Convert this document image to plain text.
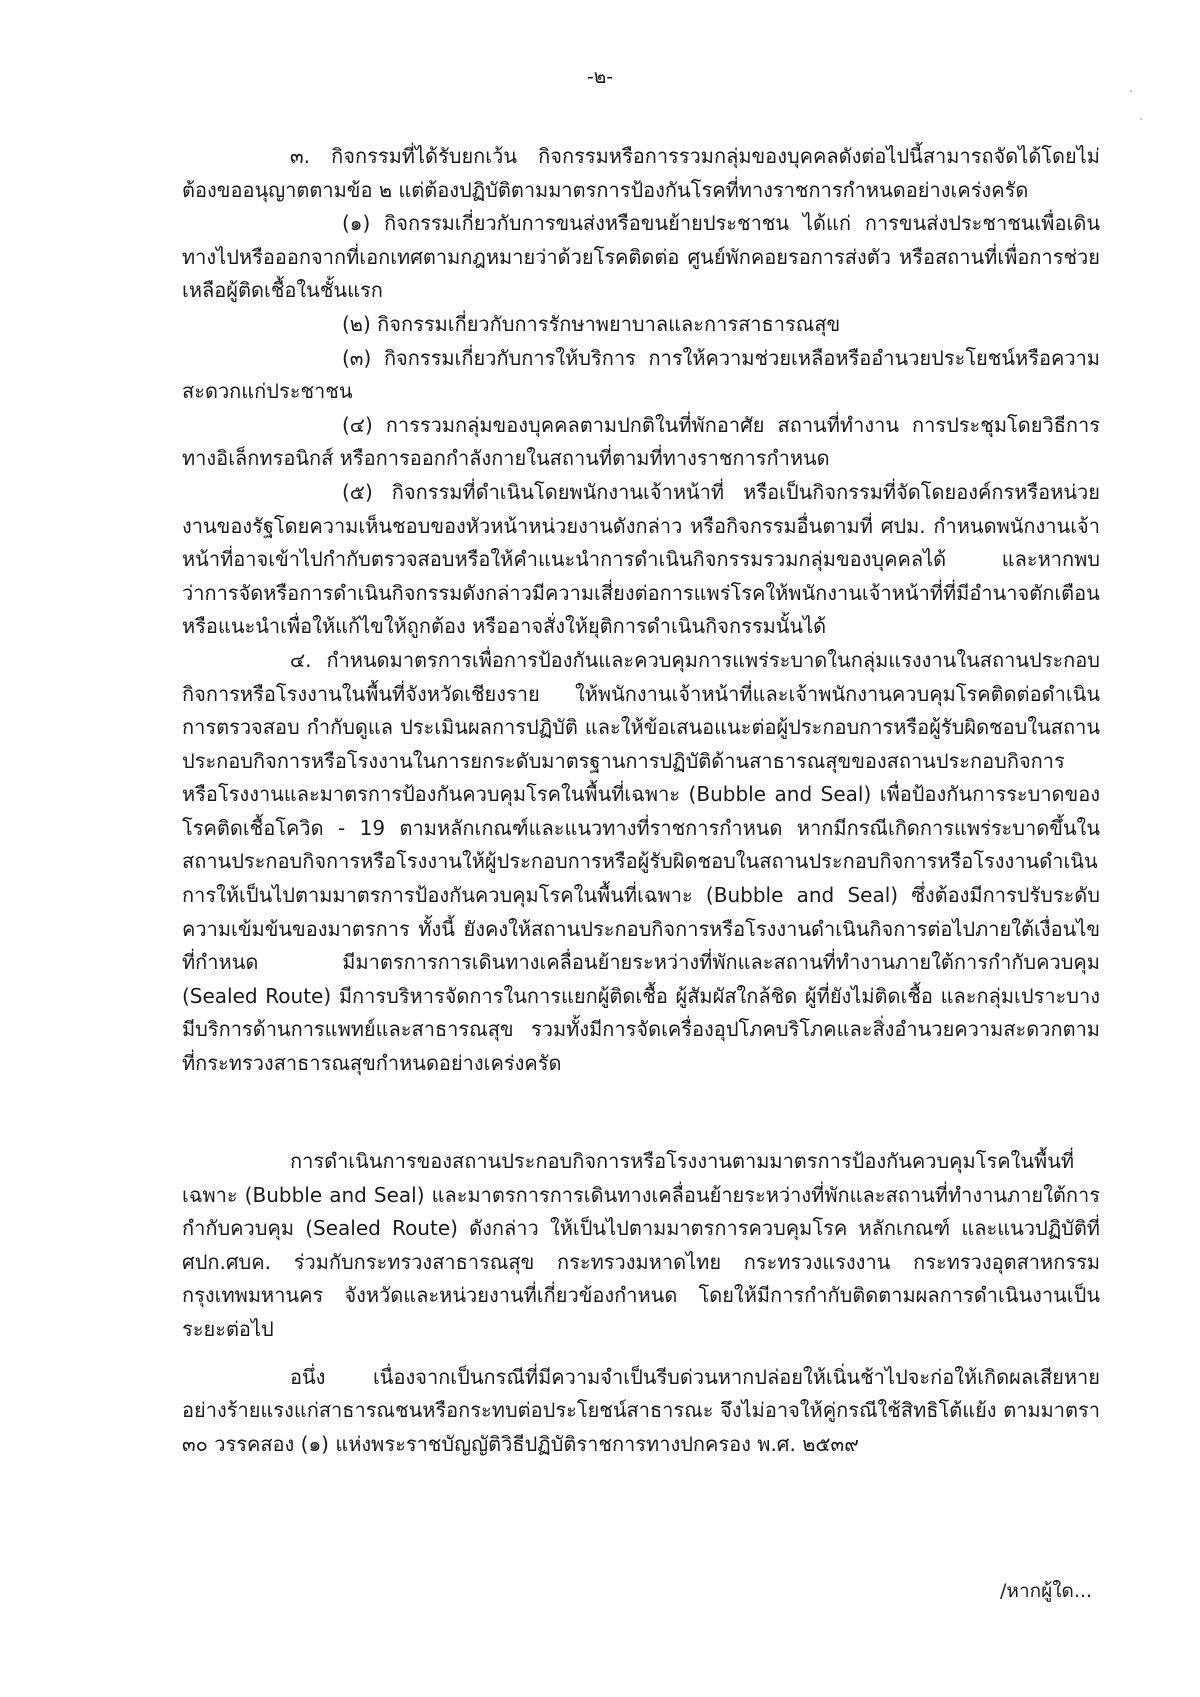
-๒-

๓. กิจกรรมที่ได้รับยกเว้น กิจกรรมหรือการรวมกลุ่มของบุคคลดังต่อไปนี้สามารถจัดได้โดยไม่ต้องขออนุญาตตามข้อ ๒ แต่ต้องปฏิบัติตามมาตรการป้องกันโรคที่ทางราชการกำหนดอย่างเคร่งครัด

(๑) กิจกรรมเกี่ยวกับการขนส่งหรือขนย้ายประชาชน ได้แก่ การขนส่งประชาชนเพื่อเดินทางไปหรือออกจากที่เอกเทศตามกฎหมายว่าด้วยโรคติดต่อ ศูนย์พักคอยรอการส่งตัว หรือสถานที่เพื่อการช่วยเหลือผู้ติดเชื้อในชั้นแรก

(๒) กิจกรรมเกี่ยวกับการรักษาพยาบาลและการสาธารณสุข

(๓) กิจกรรมเกี่ยวกับการให้บริการ การให้ความช่วยเหลือหรืออำนวยประโยชน์หรือความสะดวกแก่ประชาชน

(๔) การรวมกลุ่มของบุคคลตามปกติในที่พักอาศัย สถานที่ทำงาน การประชุมโดยวิธีการทางอิเล็กทรอนิกส์ หรือการออกกำลังกายในสถานที่ตามที่ทางราชการกำหนด

(๕) กิจกรรมที่ดำเนินโดยพนักงานเจ้าหน้าที่ หรือเป็นกิจกรรมที่จัดโดยองค์กรหรือหน่วยงานของรัฐโดยความเห็นชอบของหัวหน้าหน่วยงานดังกล่าว หรือกิจกรรมอื่นตามที่ ศปม. กำหนดพนักงานเจ้าหน้าที่อาจเข้าไปกำกับตรวจสอบหรือให้คำแนะนำการดำเนินกิจกรรมรวมกลุ่มของบุคคลได้ และหากพบว่าการจัดหรือการดำเนินกิจกรรมดังกล่าวมีความเสี่ยงต่อการแพร่โรคให้พนักงานเจ้าหน้าที่ที่มีอำนาจตักเตือนหรือแนะนำเพื่อให้แก้ไขให้ถูกต้อง หรืออาจสั่งให้ยุติการดำเนินกิจกรรมนั้นได้

๔. กำหนดมาตรการเพื่อการป้องกันและควบคุมการแพร่ระบาดในกลุ่มแรงงานในสถานประกอบกิจการหรือโรงงานในพื้นที่จังหวัดเชียงราย ให้พนักงานเจ้าหน้าที่และเจ้าพนักงานควบคุมโรคติดต่อดำเนินการตรวจสอบ กำกับดูแล ประเมินผลการปฏิบัติ และให้ข้อเสนอแนะต่อผู้ประกอบการหรือผู้รับผิดชอบในสถานประกอบกิจการหรือโรงงานในการยกระดับมาตรฐานการปฏิบัติด้านสาธารณสุขของสถานประกอบกิจการหรือโรงงานและมาตรการป้องกันควบคุมโรคในพื้นที่เฉพาะ (Bubble and Seal) เพื่อป้องกันการระบาดของโรคติดเชื้อโควิด - 19 ตามหลักเกณฑ์และแนวทางที่ราชการกำหนด หากมีกรณีเกิดการแพร่ระบาดขึ้นในสถานประกอบกิจการหรือโรงงานให้ผู้ประกอบการหรือผู้รับผิดชอบในสถานประกอบกิจการหรือโรงงานดำเนินการให้เป็นไปตามมาตรการป้องกันควบคุมโรคในพื้นที่เฉพาะ (Bubble and Seal) ซึ่งต้องมีการปรับระดับความเข้มข้นของมาตรการ ทั้งนี้ ยังคงให้สถานประกอบกิจการหรือโรงงานดำเนินกิจการต่อไปภายใต้เงื่อนไขที่กำหนด มีมาตรการการเดินทางเคลื่อนย้ายระหว่างที่พักและสถานที่ทำงานภายใต้การกำกับควบคุม (Sealed Route) มีการบริหารจัดการในการแยกผู้ติดเชื้อ ผู้สัมผัสใกล้ชิด ผู้ที่ยังไม่ติดเชื้อ และกลุ่มเปราะบาง มีบริการด้านการแพทย์และสาธารณสุข รวมทั้งมีการจัดเครื่องอุปโภคบริโภคและสิ่งอำนวยความสะดวกตามที่กระทรวงสาธารณสุขกำหนดอย่างเคร่งครัด

การดำเนินการของสถานประกอบกิจการหรือโรงงานตามมาตรการป้องกันควบคุมโรคในพื้นที่เฉพาะ (Bubble and Seal) และมาตรการการเดินทางเคลื่อนย้ายระหว่างที่พักและสถานที่ทำงานภายใต้การกำกับควบคุม (Sealed Route) ดังกล่าว ให้เป็นไปตามมาตรการควบคุมโรค หลักเกณฑ์ และแนวปฏิบัติที่ ศปก.ศบค. ร่วมกับกระทรวงสาธารณสุข กระทรวงมหาดไทย กระทรวงแรงงาน กระทรวงอุตสาหกรรม กรุงเทพมหานคร จังหวัดและหน่วยงานที่เกี่ยวข้องกำหนด โดยให้มีการกำกับติดตามผลการดำเนินงานเป็นระยะต่อไป

อนึ่ง เนื่องจากเป็นกรณีที่มีความจำเป็นรีบด่วนหากปล่อยให้เนิ่นช้าไปจะก่อให้เกิดผลเสียหายอย่างร้ายแรงแก่สาธารณชนหรือกระทบต่อประโยชน์สาธารณะ จึงไม่อาจให้คู่กรณีใช้สิทธิโต้แย้ง ตามมาตรา ๓๐ วรรคสอง (๑) แห่งพระราชบัญญัติวิธีปฏิบัติราชการทางปกครอง พ.ศ. ๒๕๓๙

/หากผู้ใด...
